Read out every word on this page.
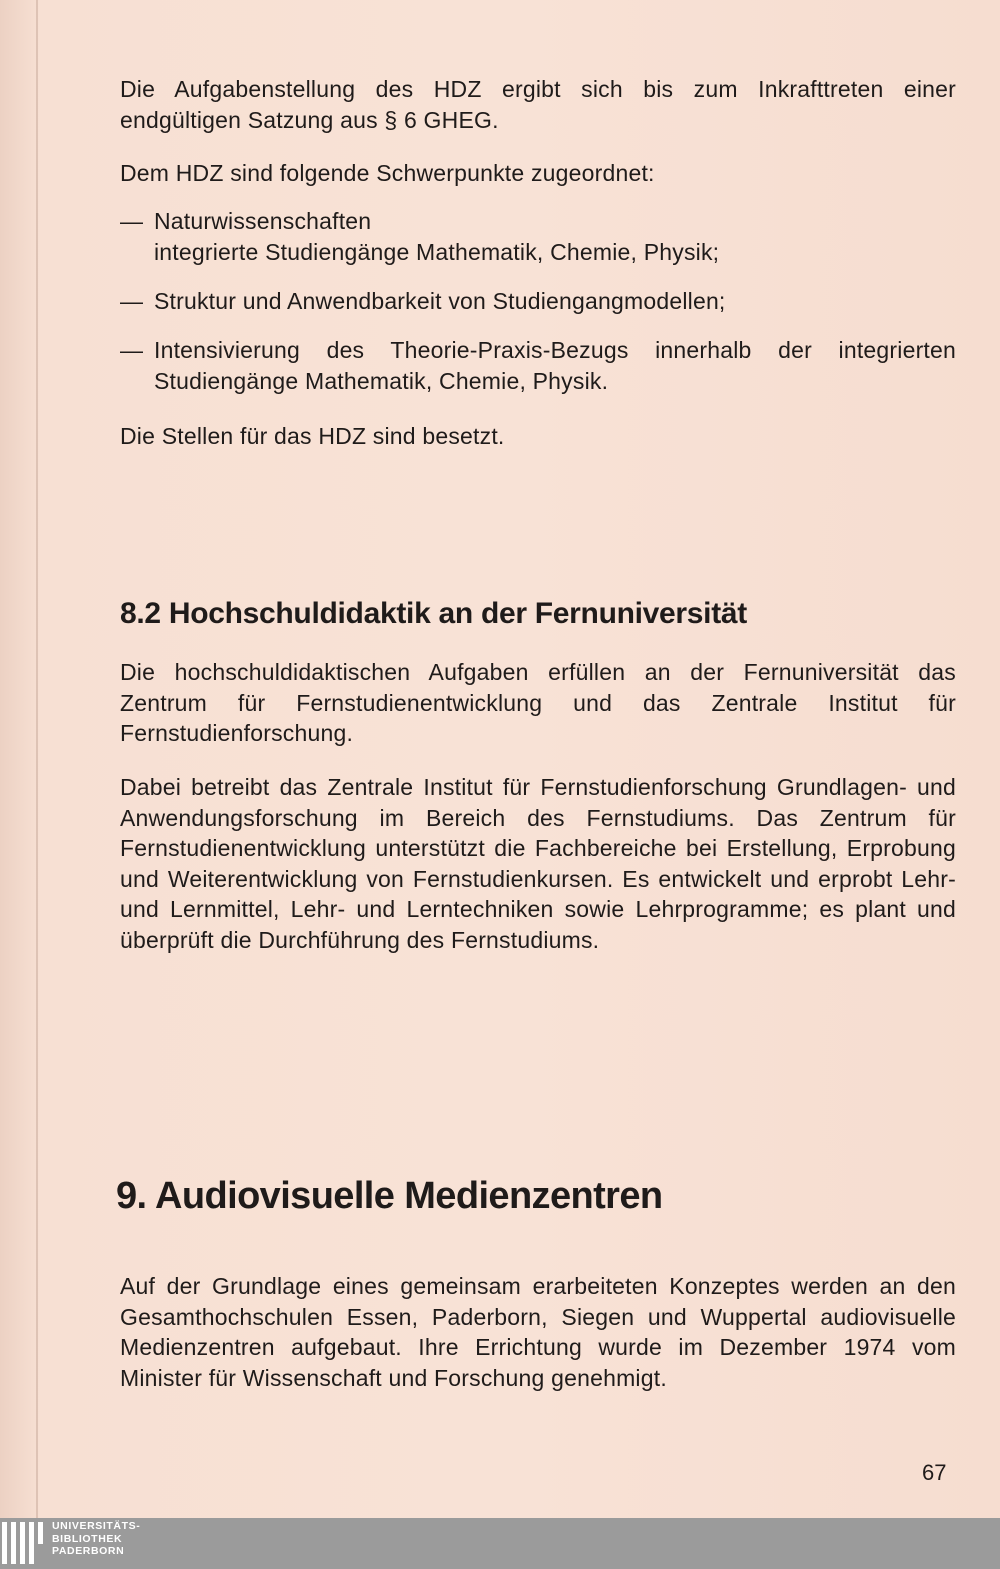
Die Aufgabenstellung des HDZ ergibt sich bis zum Inkrafttreten einer endgültigen Satzung aus § 6 GHEG.

Dem HDZ sind folgende Schwerpunkte zugeordnet:

— Naturwissenschaften
integrierte Studiengänge Mathematik, Chemie, Physik;
— Struktur und Anwendbarkeit von Studiengangmodellen;
— Intensivierung des Theorie-Praxis-Bezugs innerhalb der integrierten Studiengänge Mathematik, Chemie, Physik.

Die Stellen für das HDZ sind besetzt.

8.2 Hochschuldidaktik an der Fernuniversität

Die hochschuldidaktischen Aufgaben erfüllen an der Fernuniversität das Zentrum für Fernstudienentwicklung und das Zentrale Institut für Fernstudienforschung.

Dabei betreibt das Zentrale Institut für Fernstudienforschung Grundlagen- und Anwendungsforschung im Bereich des Fernstudiums. Das Zentrum für Fernstudienentwicklung unterstützt die Fachbereiche bei Erstellung, Erprobung und Weiterentwicklung von Fernstudienkursen. Es entwickelt und erprobt Lehr- und Lernmittel, Lehr- und Lerntechniken sowie Lehrprogramme; es plant und überprüft die Durchführung des Fernstudiums.

9. Audiovisuelle Medienzentren

Auf der Grundlage eines gemeinsam erarbeiteten Konzeptes werden an den Gesamthochschulen Essen, Paderborn, Siegen und Wuppertal audiovisuelle Medienzentren aufgebaut. Ihre Errichtung wurde im Dezember 1974 vom Minister für Wissenschaft und Forschung genehmigt.

67
UNIVERSITÄTS-
BIBLIOTHEK
PADERBORN
